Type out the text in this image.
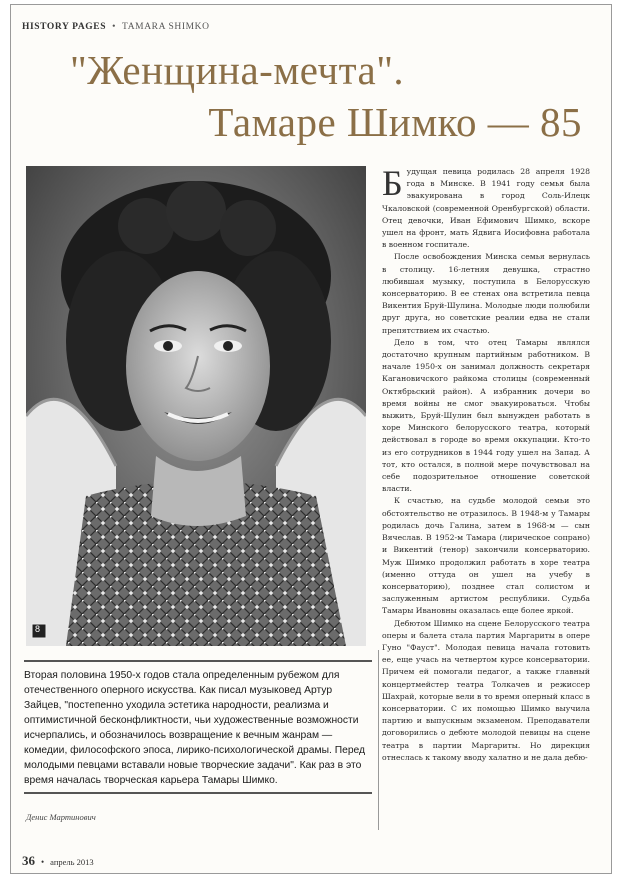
HISTORY PAGES • TAMARA SHIMKO
"Женщина-мечта".
Тамаре Шимко — 85
8
Вторая половина 1950-х годов стала определенным рубежом для отечественного оперного искусства. Как писал музыковед Артур Зайцев, "постепенно уходила эстетика народности, реализма и оптимистичной бесконфликтности, чьи художественные возможности исчерпались, и обозначилось возвращение к вечным жанрам — комедии, философского эпоса, лирико-психологической драмы. Перед молодыми певцами вставали новые творческие задачи". Как раз в это время началась творческая карьера Тамары Шимко.
Денис Мартинович

Будущая певица родилась 28 апреля 1928 года в Минске. В 1941 году семья была эвакуирована в город Соль-Илецк Чкаловской (современной Оренбургской) области. Отец девочки, Иван Ефимович Шимко, вскоре ушел на фронт, мать Ядвига Иосифовна работала в военном госпитале.

После освобождения Минска семья вернулась в столицу. 16-летняя девушка, страстно любившая музыку, поступила в Белорусскую консерваторию. В ее стенах она встретила певца Викентия Бруй-Шулина. Молодые люди полюбили друг друга, но советские реалии едва не стали препятствием их счастью.

Дело в том, что отец Тамары являлся достаточно крупным партийным работником. В начале 1950-х он занимал должность секретаря Кагановичского райкома столицы (современный Октябрьский район). А избранник дочери во время войны не смог эвакуироваться. Чтобы выжить, Бруй-Шулин был вынужден работать в хоре Минского белорусского театра, который действовал в городе во время оккупации. Кто-то из его сотрудников в 1944 году ушел на Запад. А тот, кто остался, в полной мере почувствовал на себе подозрительное отношение советской власти.

К счастью, на судьбе молодой семьи это обстоятельство не отразилось. В 1948-м у Тамары родилась дочь Галина, затем в 1968-м — сын Вячеслав. В 1952-м Тамара (лирическое сопрано) и Викентий (тенор) закончили консерваторию. Муж Шимко продолжил работать в хоре театра (именно оттуда он ушел на учебу в консерваторию), позднее стал солистом и заслуженным артистом республики. Судьба Тамары Ивановны оказалась еще более яркой.

Дебютом Шимко на сцене Белорусского театра оперы и балета стала партия Маргариты в опере Гуно "Фауст". Молодая певица начала готовить ее, еще учась на четвертом курсе консерватории. Причем ей помогали педагог, а также главный концертмейстер театра Толкачев и режиссер Шахрай, которые вели в то время оперный класс в консерватории. С их помощью Шимко выучила партию и выпускным экзаменом. Преподаватели договорились о дебюте молодой певицы на сцене театра в партии Маргариты. Но дирекция отнеслась к такому вводу халатно и не дала дебю-

36 • апрель 2013
